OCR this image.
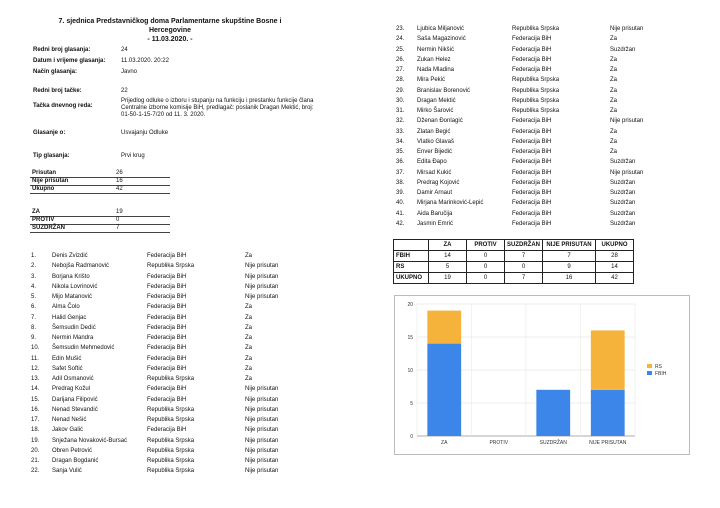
7. sjednica Predstavničkog doma Parlamentarne skupštine Bosne i Hercegovine
- 11.03.2020. -
Redni broj glasanja:	24
Datum i vrijeme glasanja:	11.03.2020. 20:22
Način glasanja:	Javno
Redni broj tačke:	22
Tačka dnevnog reda:
Prijedlog odluke o izboru i stupanju na funkciju i prestanku funkcije člana
Centralne izborne komisije BiH, predlagač: poslanik Dragan Mektić, broj:
01-50-1-15-7/20 od 11. 3. 2020.
Glasanje o:	Usvajanju Odluke
Tip glasanja:	Prvi krug
Prisutan	26
Nije prisutan	16
Ukupno	42
ZA	19
PROTIV	0
SUZDRŽAN	7
1.	Denis Zvizdić	Federacija BiH	Za
2.	Nebojša Radmanović	Republika Srpska	Nije prisutan
3.	Borjana Krišto	Federacija BiH	Nije prisutan
4.	Nikola Lovrinović	Federacija BiH	Nije prisutan
5.	Mijo Matanović	Federacija BiH	Nije prisutan
6.	Alma Čolo	Federacija BiH	Za
7.	Halid Genjac	Federacija BiH	Za
8.	Šemsudin Dedić	Federacija BiH	Za
9.	Nermin Mandra	Federacija BiH	Za
10. Šemsudin Mehmedović	Federacija BiH	Za
11. Edin Mušić	Federacija BiH	Za
12. Safet Softić	Federacija BiH	Za
13. Adil Osmanović	Republika Srpska	Za
14. Predrag Kožul	Federacija BiH	Nije prisutan
15. Darijana Filipović	Federacija BiH	Nije prisutan
16. Nenad Stevandić	Republika Srpska	Nije prisutan
17. Nenad Nešić	Republika Srpska	Nije prisutan
18. Jakov Galić	Federacija BiH	Nije prisutan
19. Snježana Novaković-Bursać	Republika Srpska	Nije prisutan
20. Obren Petrović	Republika Srpska	Nije prisutan
21. Dragan Bogdanić	Republika Srpska	Nije prisutan
22. Sanja Vulić	Republika Srpska	Nije prisutan
23. Ljubica Miljanović	Republika Srpska	Nije prisutan
24. Saša Magazinović	Federacija BiH	Za
25. Nermin Nikšić	Federacija BiH	Suzdržan
26. Zukan Helez	Federacija BiH	Za
27. Nada Mladina	Federacija BiH	Za
28. Mira Pekić	Republika Srpska	Za
29. Branislav Borenović	Republika Srpska	Za
30. Dragan Mektić	Republika Srpska	Za
31. Mirko Šarović	Republika Srpska	Za
32. Dženan Đonlagić	Federacija BiH	Nije prisutan
33. Zlatan Begić	Federacija BiH	Za
34. Vlatko Glavaš	Federacija BiH	Za
35. Enver Bijedić	Federacija BiH	Za
36. Edita Đapo	Federacija BiH	Suzdržan
37. Mirsad Kukić	Federacija BiH	Nije prisutan
38. Predrag Kojović	Federacija BiH	Suzdržan
39. Damir Arnaut	Federacija BiH	Suzdržan
40. Mirjana Marinković-Lepić	Federacija BiH	Suzdržan
41. Aida Baručija	Federacija BiH	Suzdržan
42. Jasmin Emrić	Federacija BiH	Suzdržan
	ZA	PROTIV	SUZDRŽAN	NIJE PRISUTAN	UKUPNO
FBIH	14	0	7	7	28
RS	5	0	0	9	14
UKUPNO	19	0	7	16	42
0
5
10
15
20
ZA	PROTIV	SUZDRŽAN	NIJE PRISUTAN
RS
FBIH
